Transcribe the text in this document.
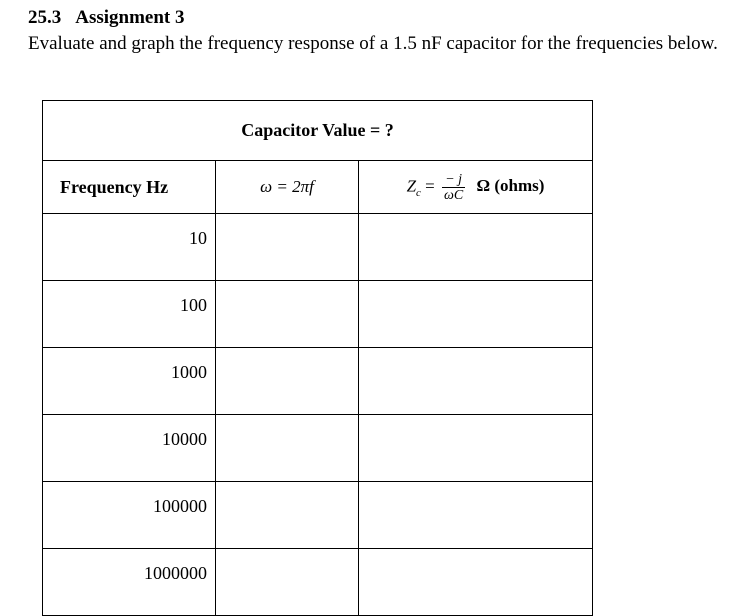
25.3 Assignment 3
Evaluate and graph the frequency response of a 1.5 nF capacitor for the frequencies below.
Capacitor Value = ?		
Frequency Hz	ω = 2πf	$Z_c = \frac{- j}{\omega C}$ Ω (ohms)
10		
100		
1000		
10000		
100000		
1000000		
